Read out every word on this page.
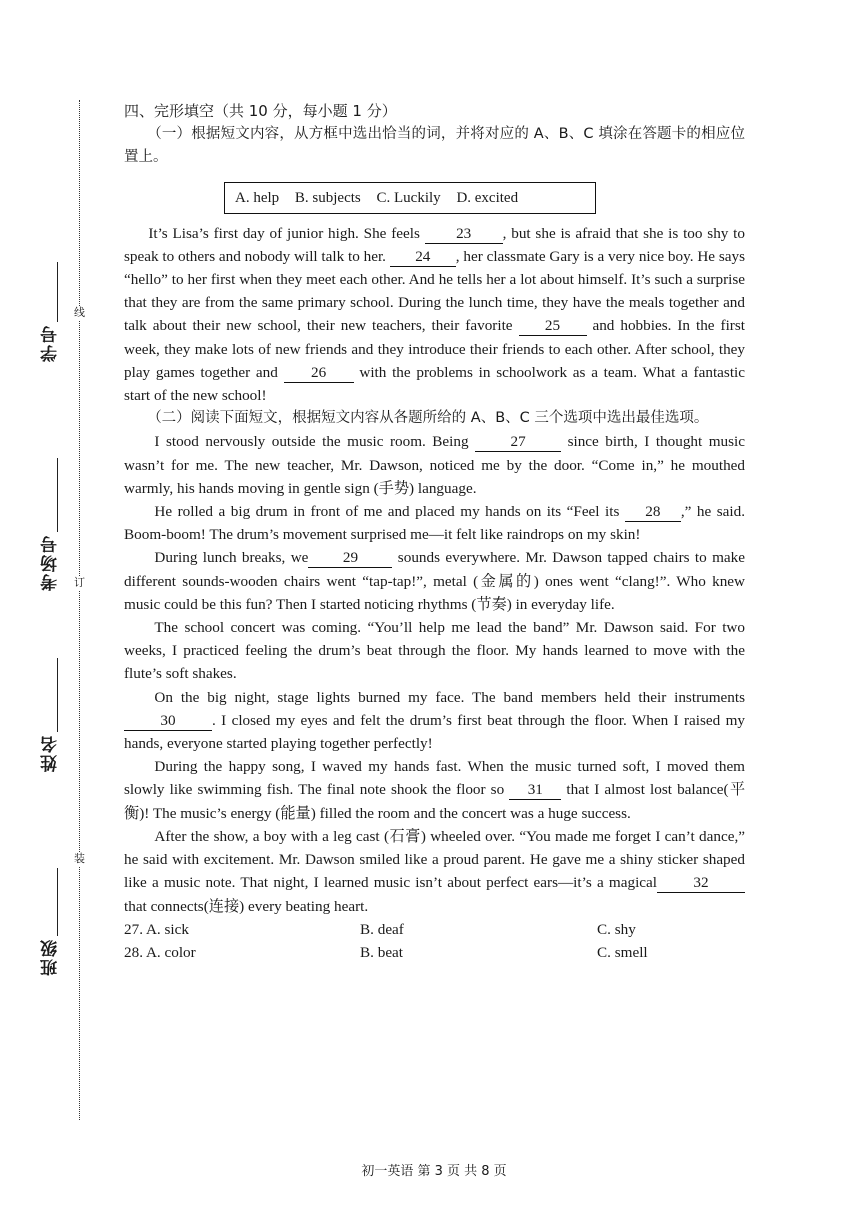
线
订
装
学号
考场号
姓名
班级
四、完形填空（共 10 分，每小题 1 分）

（一）根据短文内容，从方框中选出恰当的词，并将对应的 A、B、C 填涂在答题卡的相应位置上。

A. help B. subjects C. Luckily D. excited

It’s Lisa’s first day of junior high. She feels 23 , but she is afraid that she is too shy to speak to others and nobody will talk to her. 24 , her classmate Gary is a very nice boy. He says “hello” to her first when they meet each other. And he tells her a lot about himself. It’s such a surprise that they are from the same primary school. During the lunch time, they have the meals together and talk about their new school, their new teachers, their favorite 25 and hobbies. In the first week, they make lots of new friends and they introduce their friends to each other. After school, they play games together and 26 with the problems in schoolwork as a team. What a fantastic start of the new school!

（二）阅读下面短文，根据短文内容从各题所给的 A、B、C 三个选项中选出最佳选项。

I stood nervously outside the music room. Being 27 since birth, I thought music wasn’t for me. The new teacher, Mr. Dawson, noticed me by the door. “Come in,” he mouthed warmly, his hands moving in gentle sign (手势) language.

He rolled a big drum in front of me and placed my hands on its “Feel its 28 ,” he said. Boom-boom! The drum’s movement surprised me—it felt like raindrops on my skin!

During lunch breaks, we 29 sounds everywhere. Mr. Dawson tapped chairs to make different sounds-wooden chairs went “tap-tap!”, metal (金属的) ones went “clang!”. Who knew music could be this fun? Then I started noticing rhythms (节奏) in everyday life.

The school concert was coming. “You’ll help me lead the band” Mr. Dawson said. For two weeks, I practiced feeling the drum’s beat through the floor. My hands learned to move with the flute’s soft shakes.

On the big night, stage lights burned my face. The band members held their instruments 30 . I closed my eyes and felt the drum’s first beat through the floor. When I raised my hands, everyone started playing together perfectly!

During the happy song, I waved my hands fast. When the music turned soft, I moved them slowly like swimming fish. The final note shook the floor so 31 that I almost lost balance(平衡)! The music’s energy (能量) filled the room and the concert was a huge success.

After the show, a boy with a leg cast (石膏) wheeled over. “You made me forget I can’t dance,” he said with excitement. Mr. Dawson smiled like a proud parent. He gave me a shiny sticker shaped like a music note. That night, I learned music isn’t about perfect ears—it’s a magical 32 that connects(连接) every beating heart.

27. A. sick	B. deaf	C. shy
28. A. color	B. beat	C. smell
初一英语 第 3 页 共 8 页
